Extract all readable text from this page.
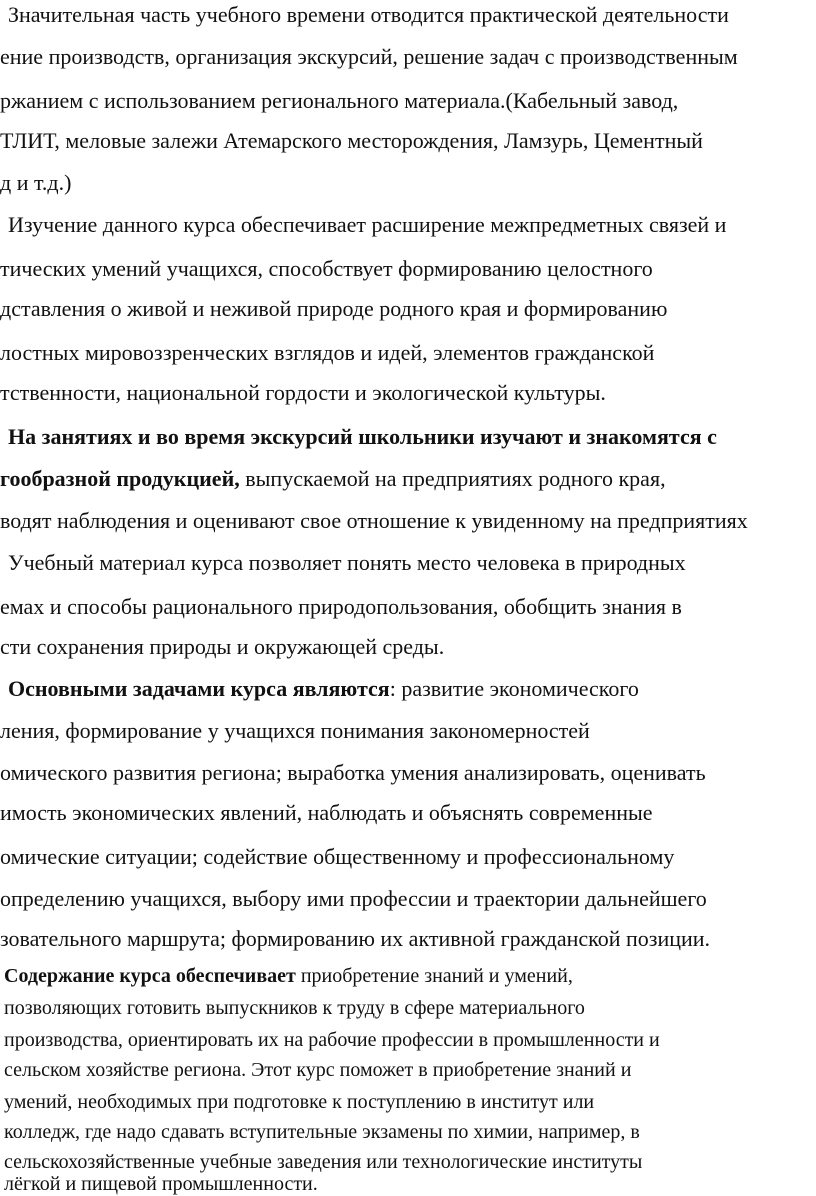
Значительная часть учебного времени отводится практической деятельности
ение производств, организация экскурсий, решение задач с производственным
ржанием с использованием регионального материала.(Кабельный завод,
ТЛИТ, меловые залежи Атемарского месторождения, Ламзурь, Цементный
д и т.д.)
Изучение данного курса обеспечивает расширение межпредметных связей и
тических умений учащихся, способствует формированию целостного
дставления о живой и неживой природе родного края и формированию
лостных мировоззренческих взглядов и идей, элементов гражданской
тственности, национальной гордости и экологической культуры.
На занятиях и во время экскурсий школьники изучают и знакомятся с
гообразной продукцией, выпускаемой на предприятиях родного края,
водят наблюдения и оценивают свое отношение к увиденному на предприятиях
Учебный материал курса позволяет понять место человека в природных
емах и способы рационального природопользования, обобщить знания в
сти сохранения природы и окружающей среды.
Основными задачами курса являются: развитие экономического
ления, формирование у учащихся понимания закономерностей
омического развития региона; выработка умения анализировать, оценивать
имость экономических явлений, наблюдать и объяснять современные
омические ситуации; содействие общественному и профессиональному
определению учащихся, выбору ими профессии и траектории дальнейшего
зовательного маршрута; формированию их активной гражданской позиции.
Содержание курса обеспечивает приобретение знаний и умений,
позволяющих готовить выпускников к труду в сфере материального
производства, ориентировать их на рабочие профессии в промышленности и
сельском хозяйстве региона. Этот курс поможет в приобретение знаний и
умений, необходимых при подготовке к поступлению в институт или
колледж, где надо сдавать вступительные экзамены по химии, например, в
сельскохозяйственные учебные заведения или технологические институты
лёгкой и пищевой промышленности.
